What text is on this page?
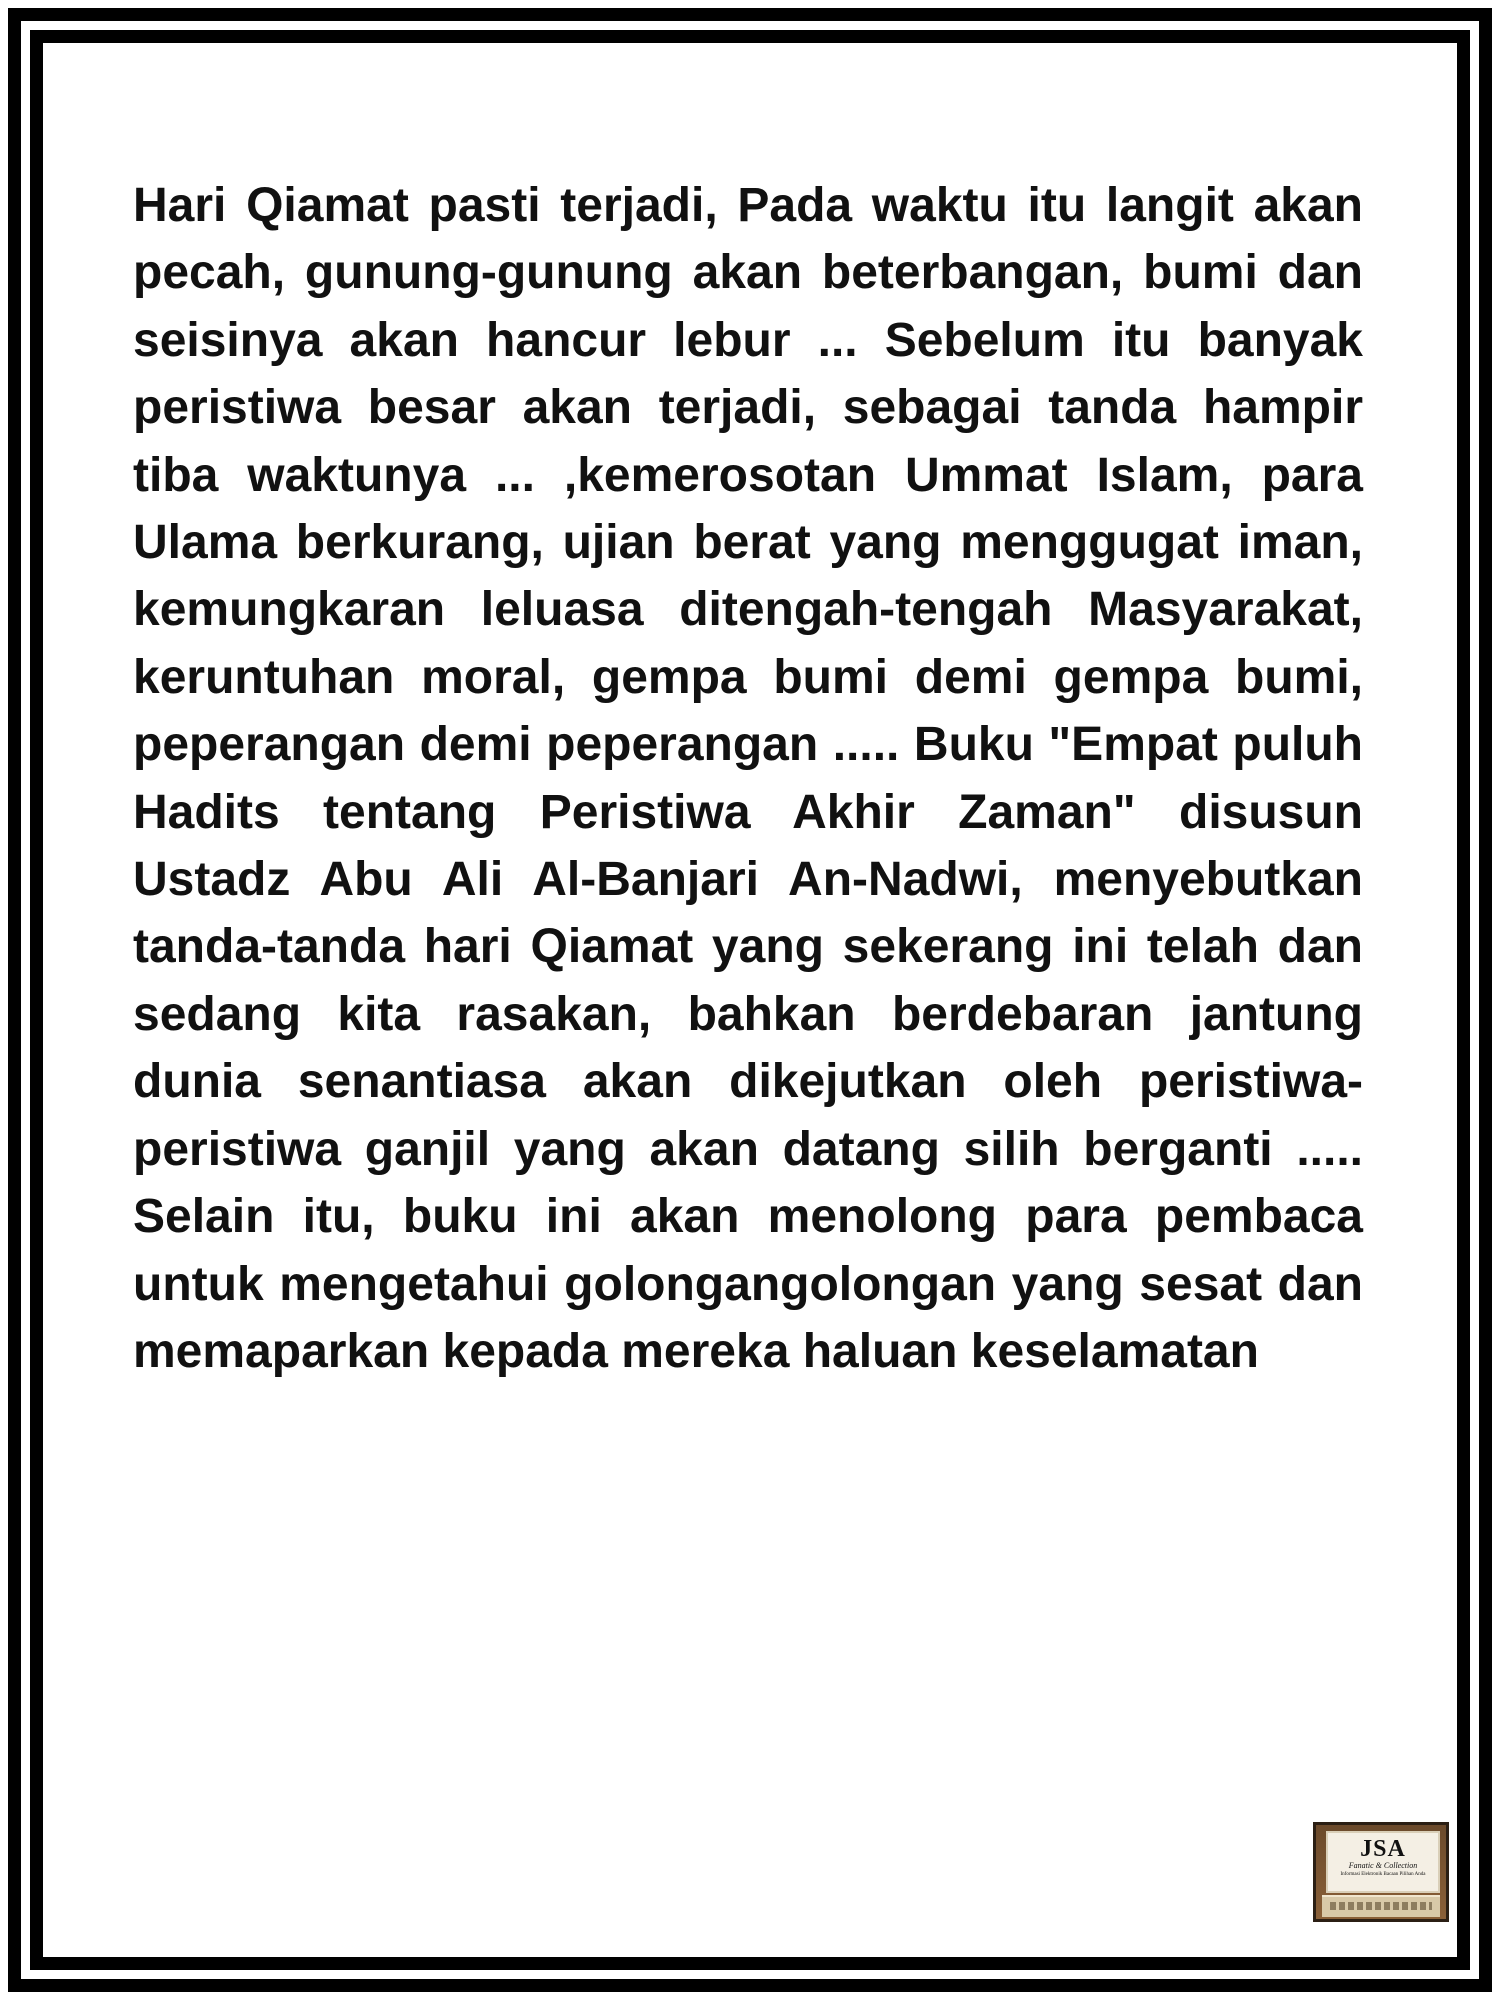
Hari Qiamat pasti terjadi, Pada waktu itu langit akan pecah, gunung-gunung akan beterbangan, bumi dan seisinya akan hancur lebur ... Sebelum itu banyak peristiwa besar akan terjadi, sebagai tanda hampir tiba waktunya ... ,kemerosotan Ummat Islam, para Ulama berkurang, ujian berat yang menggugat iman, kemungkaran leluasa ditengah-tengah Masyarakat, keruntuhan moral, gempa bumi demi gempa bumi, peperangan demi peperangan ..... Buku "Empat puluh Hadits tentang Peristiwa Akhir Zaman" disusun Ustadz Abu Ali Al-Banjari An-Nadwi, menyebutkan tanda-tanda hari Qiamat yang sekerang ini telah dan sedang kita rasakan, bahkan berdebaran jantung dunia senantiasa akan dikejutkan oleh peristiwa-peristiwa ganjil yang akan datang silih berganti ..... Selain itu, buku ini akan menolong para pembaca untuk mengetahui golongangolongan yang sesat dan memaparkan kepada mereka haluan keselamatan

JSA
Fanatic & Collection
Informasi Elektronik Bacaan Pilihan Anda
